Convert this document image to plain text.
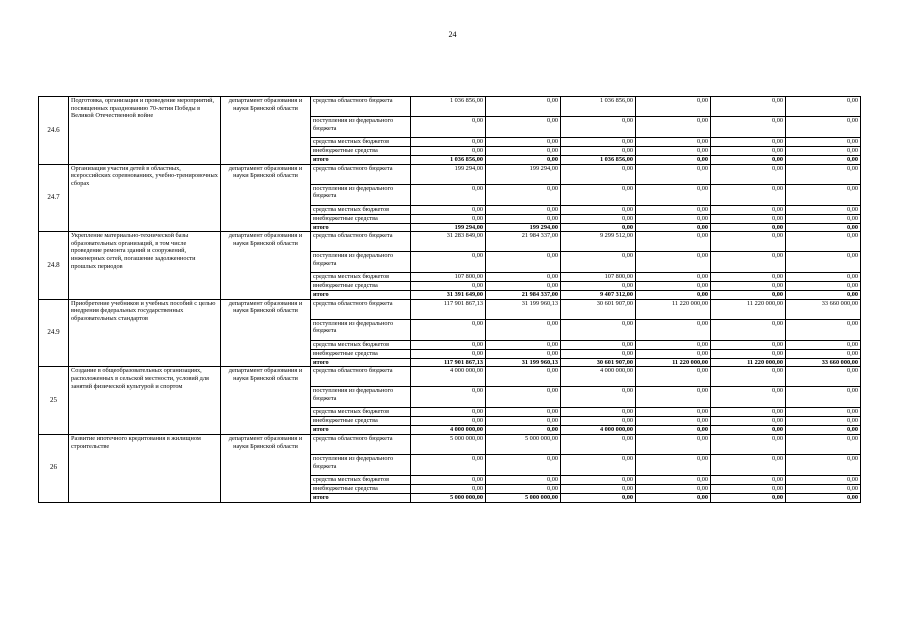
24
24.6	Подготовка, организация и проведение мероприятий, посвященных празднованию 70-летия Победы в Великой Отечественной войне	департамент образования и науки Брянской области	средства областного бюджета	1 036 856,00	0,00	1 036 856,00	0,00	0,00	0,00
			поступления из федерального бюджета	0,00	0,00	0,00	0,00	0,00	0,00
			средства местных бюджетов	0,00	0,00	0,00	0,00	0,00	0,00
			внебюджетные средства	0,00	0,00	0,00	0,00	0,00	0,00
			итого	1 036 856,00	0,00	1 036 856,00	0,00	0,00	0,00
24.7	Организация участия детей в областных, всероссийских соревнованиях, учебно-тренировочных сборах	департамент образования и науки Брянской области	средства областного бюджета	199 294,00	199 294,00	0,00	0,00	0,00	0,00
			поступления из федерального бюджета	0,00	0,00	0,00	0,00	0,00	0,00
			средства местных бюджетов	0,00	0,00	0,00	0,00	0,00	0,00
			внебюджетные средства	0,00	0,00	0,00	0,00	0,00	0,00
			итого	199 294,00	199 294,00	0,00	0,00	0,00	0,00
24.8	Укрепление материально-технической базы образовательных организаций, в том числе проведение ремонта зданий и сооружений, инженерных сетей, погашение задолженности прошлых периодов	департамент образования и науки Брянской области	средства областного бюджета	31 283 849,00	21 984 337,00	9 299 512,00	0,00	0,00	0,00
			поступления из федерального бюджета	0,00	0,00	0,00	0,00	0,00	0,00
			средства местных бюджетов	107 800,00	0,00	107 800,00	0,00	0,00	0,00
			внебюджетные средства	0,00	0,00	0,00	0,00	0,00	0,00
			итого	31 391 649,00	21 984 337,00	9 407 312,00	0,00	0,00	0,00
24.9	Приобретение учебников и учебных пособий с целью внедрения федеральных государственных образовательных стандартов	департамент образования и науки Брянской области	средства областного бюджета	117 901 867,13	31 199 960,13	30 601 907,00	11 220 000,00	11 220 000,00	33 660 000,00
			поступления из федерального бюджета	0,00	0,00	0,00	0,00	0,00	0,00
			средства местных бюджетов	0,00	0,00	0,00	0,00	0,00	0,00
			внебюджетные средства	0,00	0,00	0,00	0,00	0,00	0,00
			итого	117 901 867,13	31 199 960,13	30 601 907,00	11 220 000,00	11 220 000,00	33 660 000,00
25	Создание в общеобразовательных организациях, расположенных в сельской местности, условий для занятий физической культурой и спортом	департамент образования и науки Брянской области	средства областного бюджета	4 000 000,00	0,00	4 000 000,00	0,00	0,00	0,00
			поступления из федерального бюджета	0,00	0,00	0,00	0,00	0,00	0,00
			средства местных бюджетов	0,00	0,00	0,00	0,00	0,00	0,00
			внебюджетные средства	0,00	0,00	0,00	0,00	0,00	0,00
			итого	4 000 000,00	0,00	4 000 000,00	0,00	0,00	0,00
26	Развитие ипотечного кредитования в жилищном строительстве	департамент образования и науки Брянской области	средства областного бюджета	5 000 000,00	5 000 000,00	0,00	0,00	0,00	0,00
			поступления из федерального бюджета	0,00	0,00	0,00	0,00	0,00	0,00
			средства местных бюджетов	0,00	0,00	0,00	0,00	0,00	0,00
			внебюджетные средства	0,00	0,00	0,00	0,00	0,00	0,00
			итого	5 000 000,00	5 000 000,00	0,00	0,00	0,00	0,00
